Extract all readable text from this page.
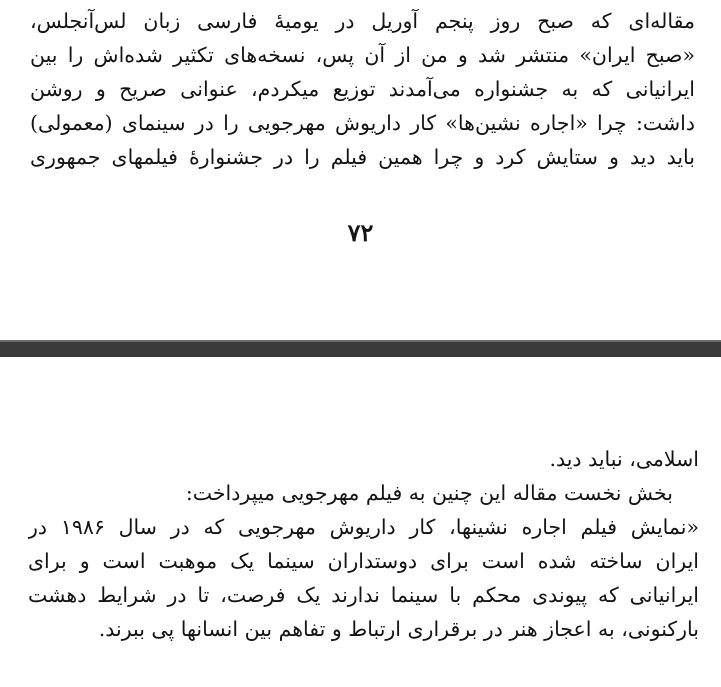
مقاله‌ای که صبح روز پنجم آوریل در یومیهٔ فارسی زبان لس‌آنجلس،
«صبح ایران» منتشر شد و من از آن پس، نسخه‌های تکثیر شده‌اش را بین
ایرانیانی که به جشنواره می‌آمدند توزیع میکردم، عنوانی صریح و روشن
داشت: چرا «اجاره نشین‌ها» کار داریوش مهرجویی را در سینمای (معمولی)
باید دید و ستایش کرد و چرا همین فیلم را در جشنوارهٔ فیلمهای جمهوری
۷۲
اسلامی، نباید دید.
بخش نخست مقاله این چنین به فیلم مهرجویی میپرداخت:
«نمایش فیلم اجاره نشینها، کار داریوش مهرجویی که در سال ۱۹۸۶ در
ایران ساخته شده است برای دوستداران سینما یک موهبت است و برای
ایرانیانی که پیوندی محکم با سینما ندارند یک فرصت، تا در شرایط دهشت
بارکنونی، به اعجاز هنر در برقراری ارتباط و تفاهم بین انسانها پی ببرند.
